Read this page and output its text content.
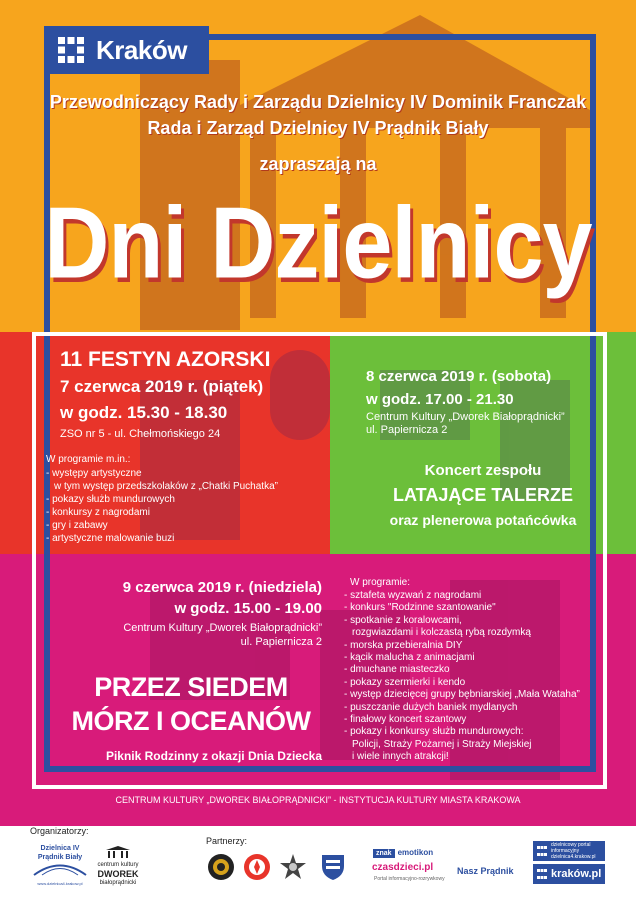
Kraków
Przewodniczący Rady i Zarządu Dzielnicy IV Dominik Franczak
Rada i Zarząd Dzielnicy IV Prądnik Biały
zapraszają na
Dni Dzielnicy
11 FESTYN AZORSKI
7 czerwca 2019 r. (piątek)
w godz. 15.30 - 18.30
ZSO nr 5 - ul. Chełmońskiego 24
W programie m.in.:
- występy artystyczne
w tym występ przedszkolaków z „Chatki Puchatka”
- pokazy służb mundurowych
- konkursy z nagrodami
- gry i zabawy
- artystyczne malowanie buzi
8 czerwca 2019 r. (sobota)
w godz. 17.00 - 21.30
Centrum Kultury „Dworek Białoprądnicki”
ul. Papiernicza 2
Koncert zespołu
LATAJĄCE TALERZE
oraz plenerowa potańcówka
9 czerwca 2019 r. (niedziela)
w godz. 15.00 - 19.00
Centrum Kultury „Dworek Białoprądnicki”
ul. Papiernicza 2
PRZEZ SIEDEM
MÓRZ I OCEANÓW
Piknik Rodzinny z okazji Dnia Dziecka
W programie:
- sztafeta wyzwań z nagrodami
- konkurs "Rodzinne szantowanie"
- spotkanie z koralowcami,
rozgwiazdami i kolczastą rybą rozdymką
- morska przebieralnia DIY
- kącik malucha z animacjami
- dmuchane miasteczko
- pokazy szermierki i kendo
- występ dziecięcej grupy bębniarskiej „Mała Wataha”
- puszczanie dużych baniek mydlanych
- finałowy koncert szantowy
- pokazy i konkursy służb mundurowych:
Policji, Straży Pożarnej i Straży Miejskiej
i wiele innych atrakcji!
CENTRUM KULTURY „DWOREK BIAŁOPRĄDNICKI” - INSTYTUCJA KULTURY MIASTA KRAKOWA
Organizatorzy:
Partnerzy:
Dzielnica IV
Prądnik Biały
www.dzielnica4.krakow.pl
centrum kultury
DWOREK
białoprądnicki
znak emotikon
czasdzieci.pl
Portal informacyjno-rozrywkowy
Nasz Prądnik
dzielnicowy portal informacyjny dzielnica4.krakow.pl
kraków.pl
